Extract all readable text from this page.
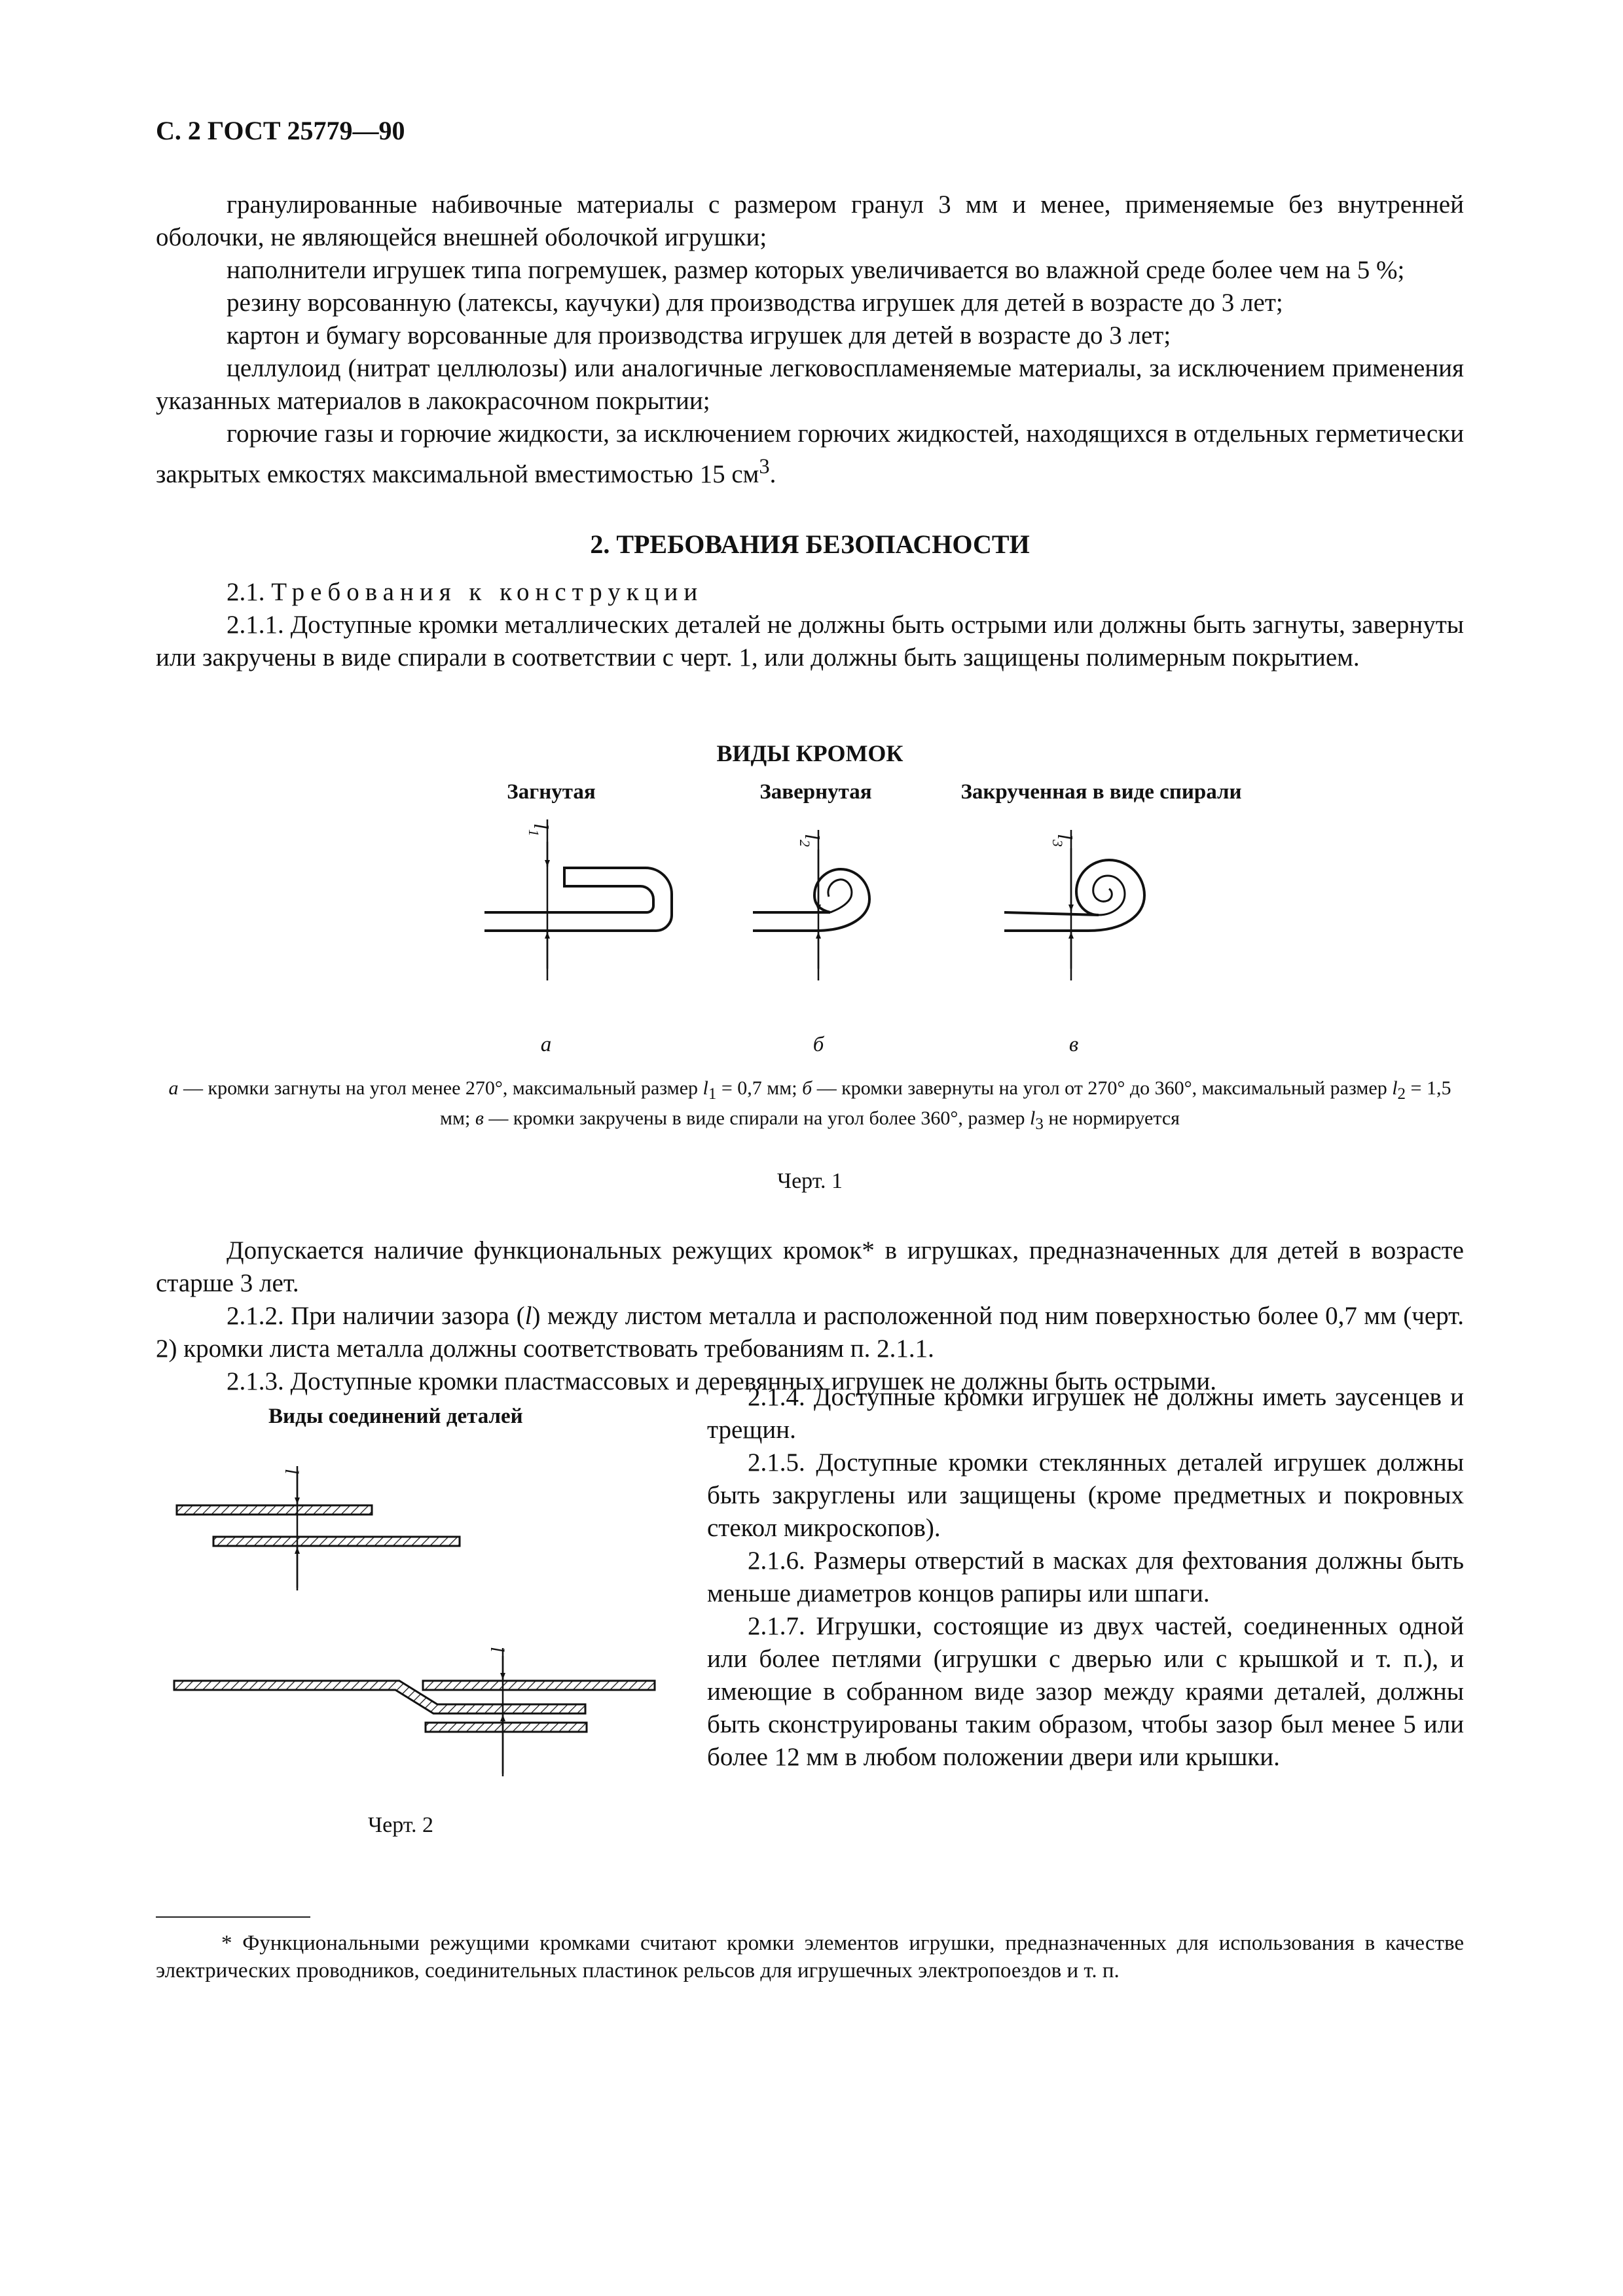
С. 2 ГОСТ 25779—90

гранулированные набивочные материалы с размером гранул 3 мм и менее, применяемые без внутренней оболочки, не являющейся внешней оболочкой игрушки;

наполнители игрушек типа погремушек, размер которых увеличивается во влажной среде более чем на 5 %;

резину ворсованную (латексы, каучуки) для производства игрушек для детей в возрасте до 3 лет;

картон и бумагу ворсованные для производства игрушек для детей в возрасте до 3 лет;

целлулоид (нитрат целлюлозы) или аналогичные легковоспламеняемые материалы, за исключением применения указанных материалов в лакокрасочном покрытии;

горючие газы и горючие жидкости, за исключением горючих жидкостей, находящихся в отдельных герметически закрытых емкостях максимальной вместимостью 15 $см^3$.

2. ТРЕБОВАНИЯ БЕЗОПАСНОСТИ

2.1. Требования к конструкции

2.1.1. Доступные кромки металлических деталей не должны быть острыми или должны быть загнуты, завернуты или закручены в виде спирали в соответствии с черт. 1, или должны быть защищены полимерным покрытием.

ВИДЫ КРОМОК
Загнутая	Завернутая	Закрученная в виде спирали
$l_1$
$l_2$
$l_3$
а	б	в
а — кромки загнуты на угол менее 270°, максимальный размер $l_1 = 0,7$ мм; б — кромки завернуты на угол от 270° до 360°, максимальный размер $l_2 = 1,5$ мм; в — кромки закручены в виде спирали на угол более 360°, размер $l_3$ не нормируется
Черт. 1

Допускается наличие функциональных режущих кромок* в игрушках, предназначенных для детей в возрасте старше 3 лет.

2.1.2. При наличии зазора (l) между листом металла и расположенной под ним поверхностью более 0,7 мм (черт. 2) кромки листа металла должны соответствовать требованиям п. 2.1.1.

2.1.3. Доступные кромки пластмассовых и деревянных игрушек не должны быть острыми.

Виды соединений деталей
l
l
Черт. 2

2.1.4. Доступные кромки игрушек не должны иметь заусенцев и трещин.

2.1.5. Доступные кромки стеклянных деталей игрушек должны быть закруглены или защищены (кроме предметных и покровных стекол микроскопов).

2.1.6. Размеры отверстий в масках для фехтования должны быть меньше диаметров концов рапиры или шпаги.

2.1.7. Игрушки, состоящие из двух частей, соединенных одной или более петлями (игрушки с дверью или с крышкой и т. п.), и имеющие в собранном виде зазор между краями деталей, должны быть сконструированы таким образом, чтобы зазор был менее 5 или более 12 мм в любом положении двери или крышки.

* Функциональными режущими кромками считают кромки элементов игрушки, предназначенных для использования в качестве электрических проводников, соединительных пластинок рельсов для игрушечных электропоездов и т. п.
